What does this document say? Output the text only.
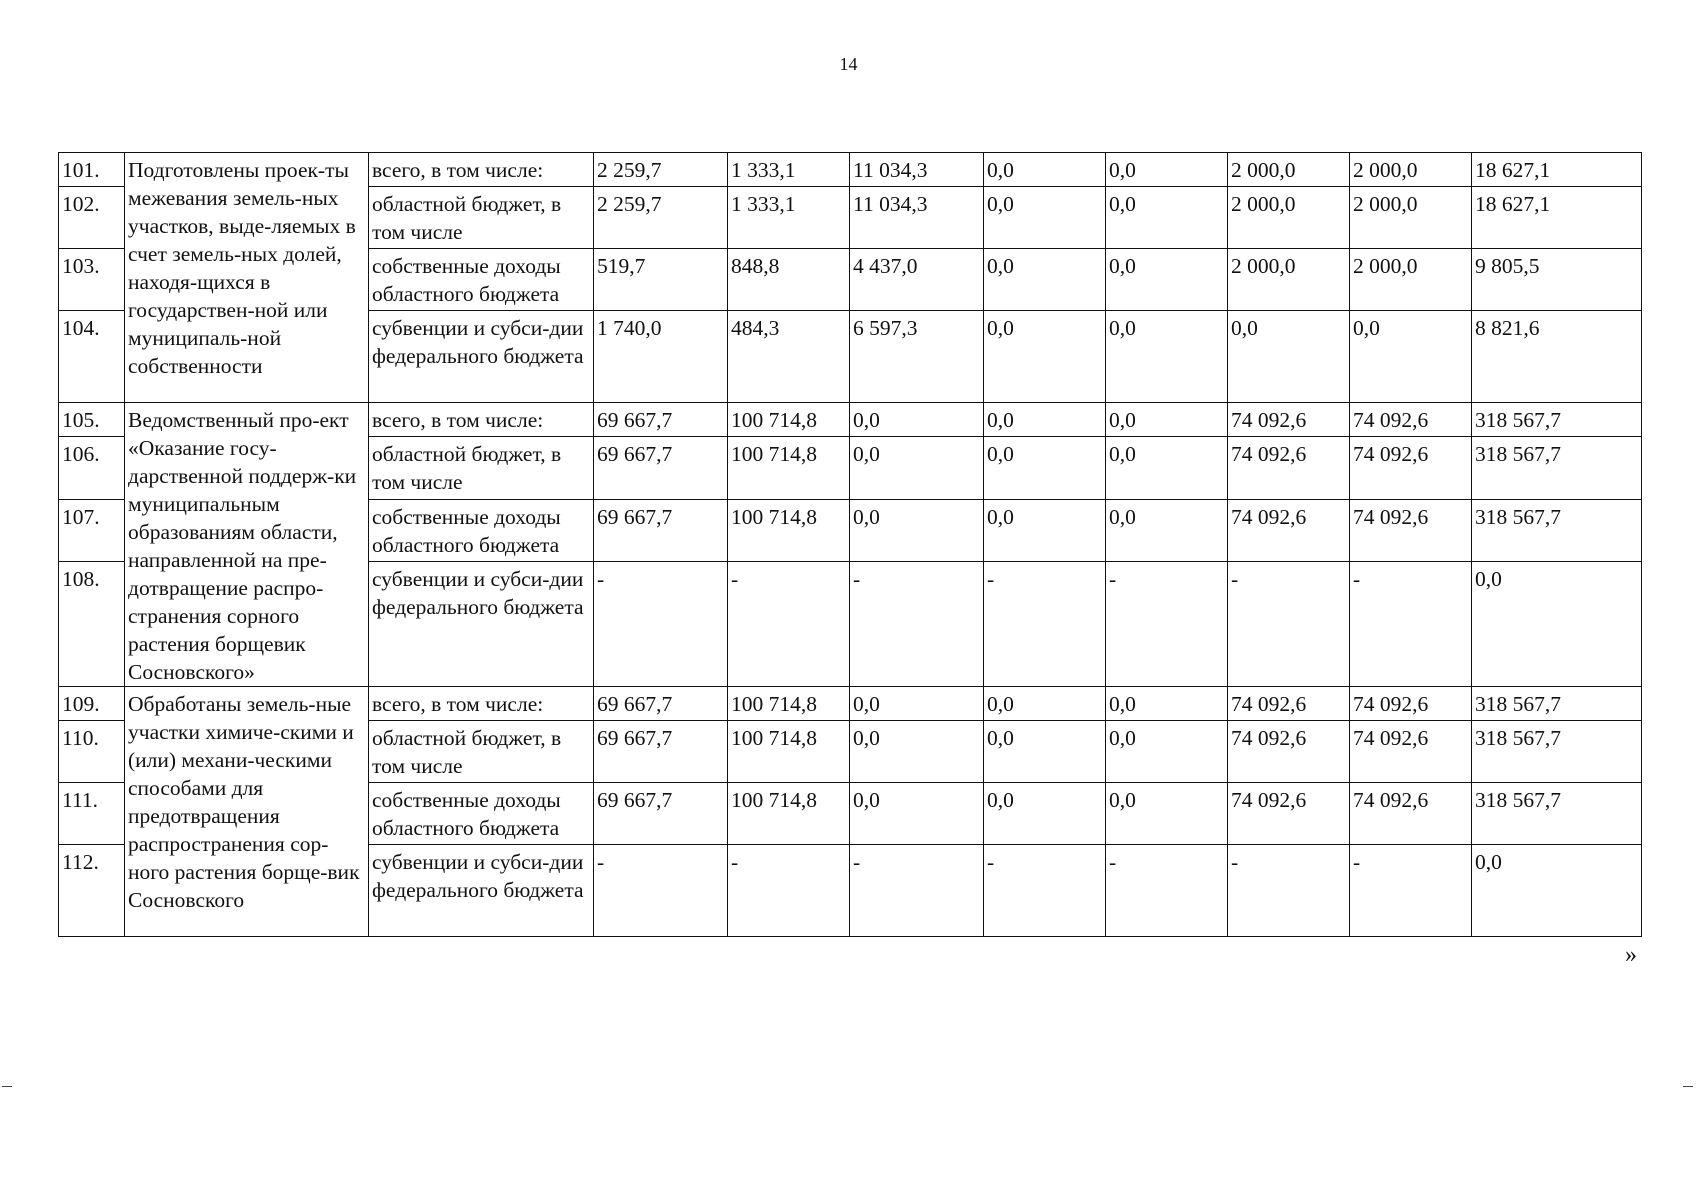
14
101.	Подготовлены проек-ты межевания земель-ных участков, выде-ляемых в счет земель-ных долей, находя-щихся в государствен-ной или муниципаль-ной собственности	всего, в том числе:	2 259,7	1 333,1	11 034,3	0,0	0,0	2 000,0	2 000,0	18 627,1
102.		областной бюджет, в том числе	2 259,7	1 333,1	11 034,3	0,0	0,0	2 000,0	2 000,0	18 627,1
103.		собственные доходы областного бюджета	519,7	848,8	4 437,0	0,0	0,0	2 000,0	2 000,0	9 805,5
104.		субвенции и субси-дии федерального бюджета	1 740,0	484,3	6 597,3	0,0	0,0	0,0	0,0	8 821,6
105.	Ведомственный про-ект «Оказание госу-дарственной поддерж-ки муниципальным образованиям области, направленной на пре-дотвращение распро-странения сорного растения борщевик Сосновского»	всего, в том числе:	69 667,7	100 714,8	0,0	0,0	0,0	74 092,6	74 092,6	318 567,7
106.		областной бюджет, в том числе	69 667,7	100 714,8	0,0	0,0	0,0	74 092,6	74 092,6	318 567,7
107.		собственные доходы областного бюджета	69 667,7	100 714,8	0,0	0,0	0,0	74 092,6	74 092,6	318 567,7
108.		субвенции и субси-дии федерального бюджета	-	-	-	-	-	-	-	0,0
109.	Обработаны земель-ные участки химиче-скими и (или) механи-ческими способами для предотвращения распространения сор-ного растения борще-вик Сосновского	всего, в том числе:	69 667,7	100 714,8	0,0	0,0	0,0	74 092,6	74 092,6	318 567,7
110.		областной бюджет, в том числе	69 667,7	100 714,8	0,0	0,0	0,0	74 092,6	74 092,6	318 567,7
111.		собственные доходы областного бюджета	69 667,7	100 714,8	0,0	0,0	0,0	74 092,6	74 092,6	318 567,7
112.		субвенции и субси-дии федерального бюджета	-	-	-	-	-	-	-	0,0
»
